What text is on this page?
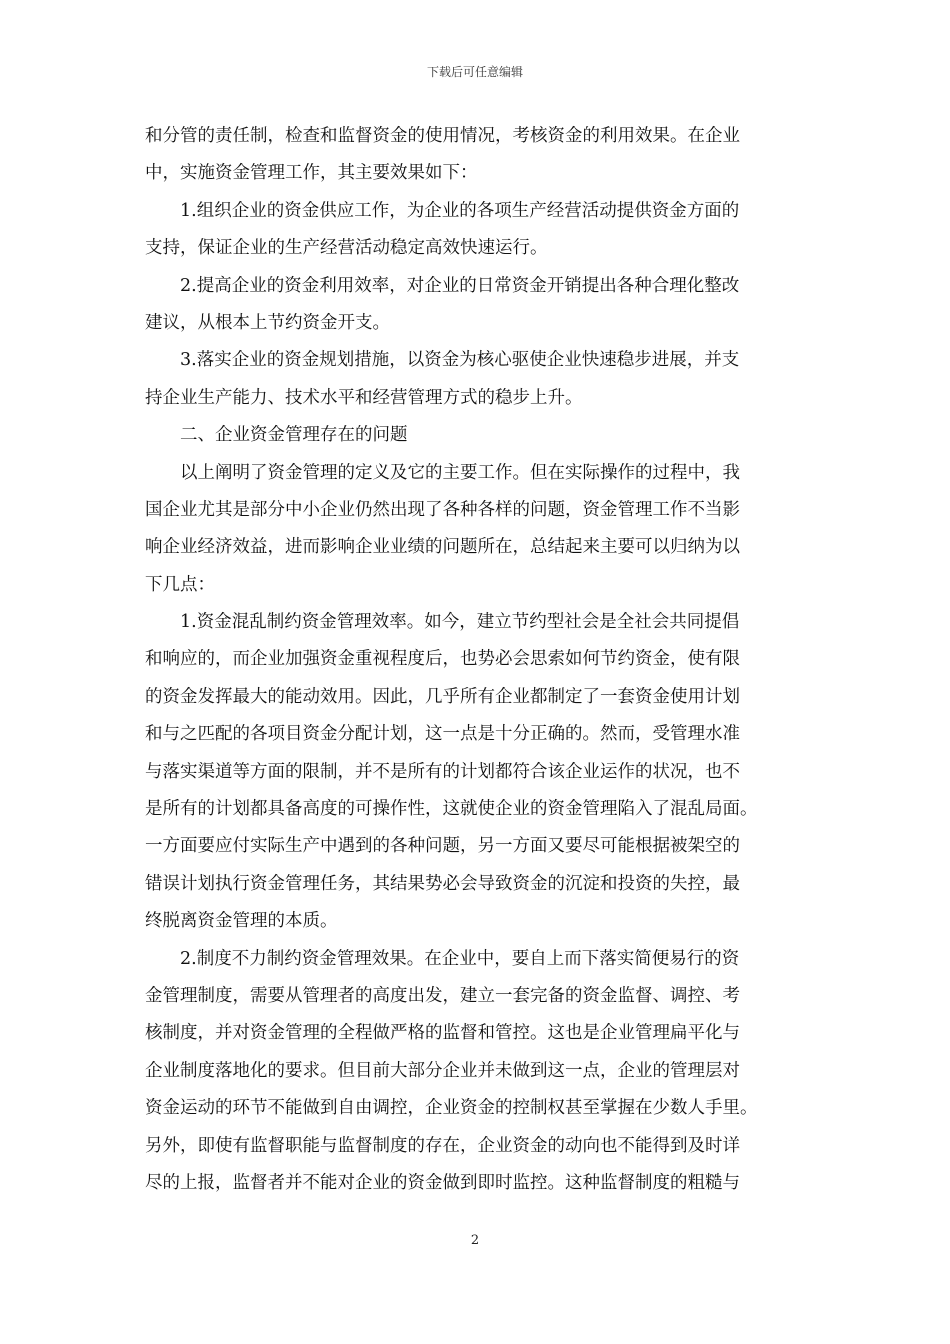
下载后可任意编辑
和分管的责任制，检查和监督资金的使用情况，考核资金的利用效果。在企业
中，实施资金管理工作，其主要效果如下：
1.组织企业的资金供应工作，为企业的各项生产经营活动提供资金方面的
支持，保证企业的生产经营活动稳定高效快速运行。
2.提高企业的资金利用效率，对企业的日常资金开销提出各种合理化整改
建议，从根本上节约资金开支。
3.落实企业的资金规划措施，以资金为核心驱使企业快速稳步进展，并支
持企业生产能力、技术水平和经营管理方式的稳步上升。
二、企业资金管理存在的问题
以上阐明了资金管理的定义及它的主要工作。但在实际操作的过程中，我
国企业尤其是部分中小企业仍然出现了各种各样的问题，资金管理工作不当影
响企业经济效益，进而影响企业业绩的问题所在，总结起来主要可以归纳为以
下几点：
1.资金混乱制约资金管理效率。如今，建立节约型社会是全社会共同提倡
和响应的，而企业加强资金重视程度后，也势必会思索如何节约资金，使有限
的资金发挥最大的能动效用。因此，几乎所有企业都制定了一套资金使用计划
和与之匹配的各项目资金分配计划，这一点是十分正确的。然而，受管理水准
与落实渠道等方面的限制，并不是所有的计划都符合该企业运作的状况，也不
是所有的计划都具备高度的可操作性，这就使企业的资金管理陷入了混乱局面。
一方面要应付实际生产中遇到的各种问题，另一方面又要尽可能根据被架空的
错误计划执行资金管理任务，其结果势必会导致资金的沉淀和投资的失控，最
终脱离资金管理的本质。
2.制度不力制约资金管理效果。在企业中，要自上而下落实简便易行的资
金管理制度，需要从管理者的高度出发，建立一套完备的资金监督、调控、考
核制度，并对资金管理的全程做严格的监督和管控。这也是企业管理扁平化与
企业制度落地化的要求。但目前大部分企业并未做到这一点，企业的管理层对
资金运动的环节不能做到自由调控，企业资金的控制权甚至掌握在少数人手里。
另外，即使有监督职能与监督制度的存在，企业资金的动向也不能得到及时详
尽的上报，监督者并不能对企业的资金做到即时监控。这种监督制度的粗糙与
2
